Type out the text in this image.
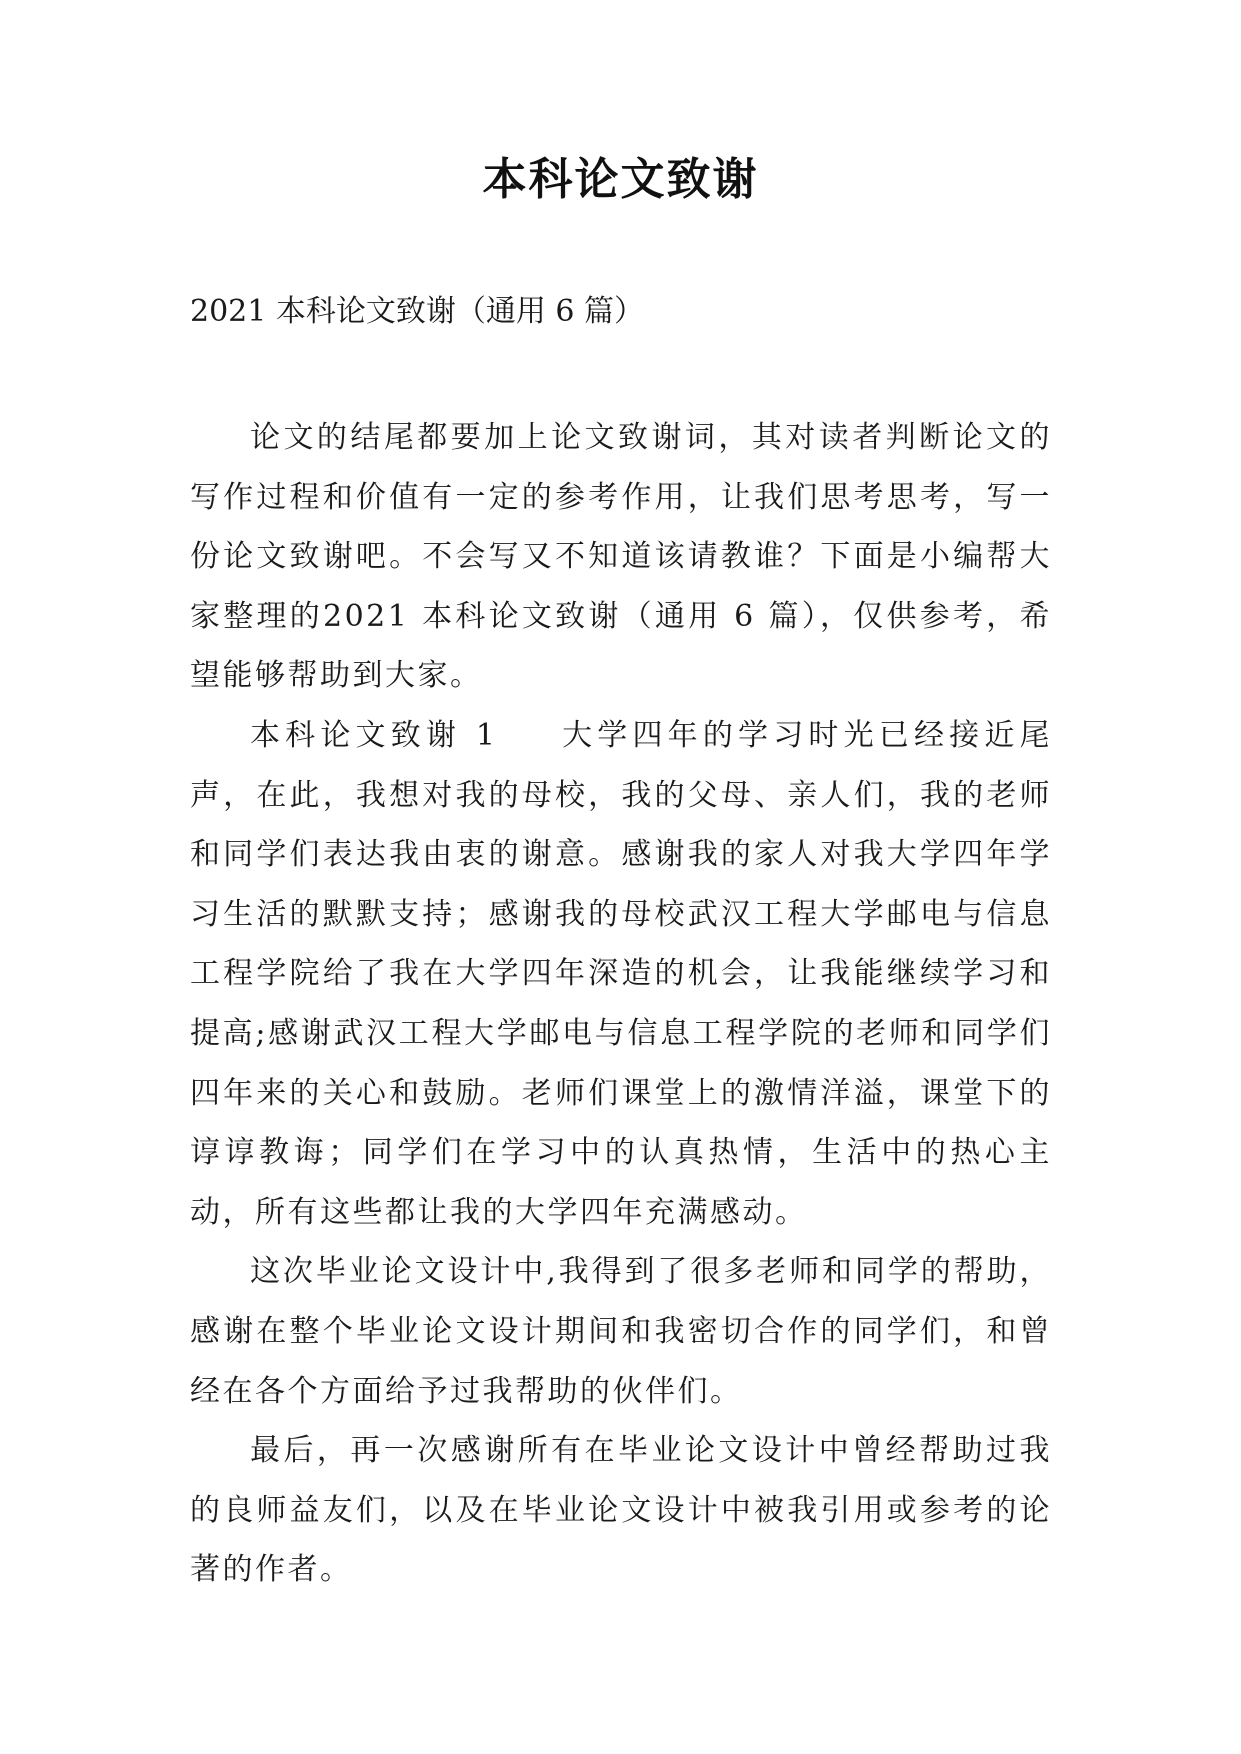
本科论文致谢
2021 本科论文致谢（通用 6 篇）

论文的结尾都要加上论文致谢词，其对读者判断论文的写作过程和价值有一定的参考作用，让我们思考思考，写一份论文致谢吧。不会写又不知道该请教谁？下面是小编帮大家整理的2021 本科论文致谢（通用 6 篇），仅供参考，希望能够帮助到大家。

本科论文致谢 1 大学四年的学习时光已经接近尾声，在此，我想对我的母校，我的父母、亲人们，我的老师和同学们表达我由衷的谢意。感谢我的家人对我大学四年学习生活的默默支持；感谢我的母校武汉工程大学邮电与信息工程学院给了我在大学四年深造的机会，让我能继续学习和提高;感谢武汉工程大学邮电与信息工程学院的老师和同学们四年来的关心和鼓励。老师们课堂上的激情洋溢，课堂下的谆谆教诲；同学们在学习中的认真热情，生活中的热心主动，所有这些都让我的大学四年充满感动。

这次毕业论文设计中,我得到了很多老师和同学的帮助，感谢在整个毕业论文设计期间和我密切合作的同学们，和曾经在各个方面给予过我帮助的伙伴们。

最后，再一次感谢所有在毕业论文设计中曾经帮助过我的良师益友们，以及在毕业论文设计中被我引用或参考的论著的作者。
